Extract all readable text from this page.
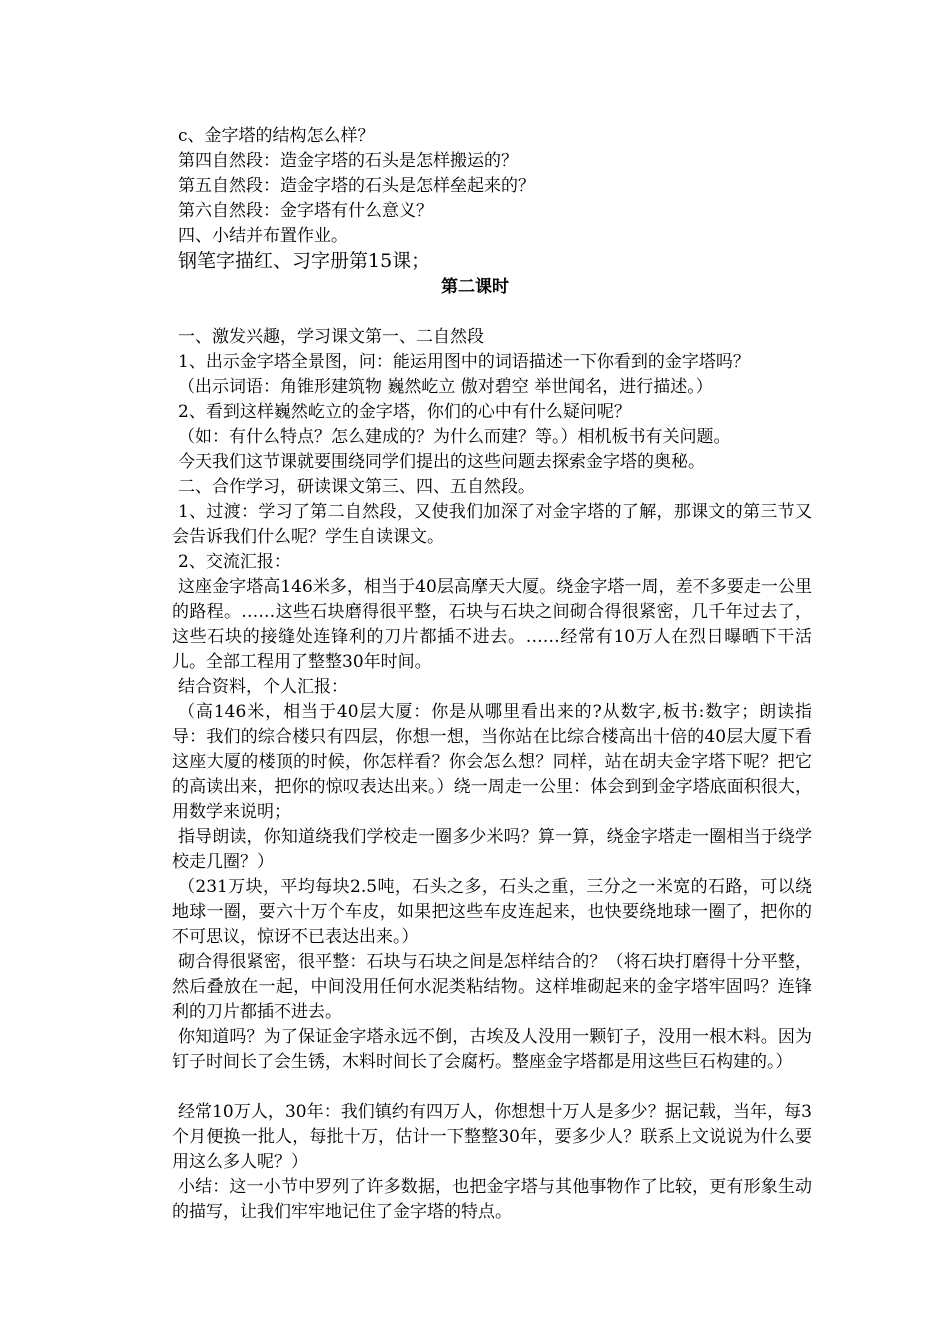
c、金字塔的结构怎么样？
第四自然段：造金字塔的石头是怎样搬运的？
第五自然段：造金字塔的石头是怎样垒起来的？
第六自然段：金字塔有什么意义？
四、小结并布置作业。
钢笔字描红、习字册第15课；
第二课时
一、激发兴趣，学习课文第一、二自然段
1、出示金字塔全景图，问：能运用图中的词语描述一下你看到的金字塔吗？
（出示词语：角锥形建筑物 巍然屹立 傲对碧空 举世闻名，进行描述。）
2、看到这样巍然屹立的金字塔，你们的心中有什么疑问呢？
（如：有什么特点？怎么建成的？为什么而建？等。）相机板书有关问题。
今天我们这节课就要围绕同学们提出的这些问题去探索金字塔的奥秘。
二、合作学习，研读课文第三、四、五自然段。
1、过渡：学习了第二自然段，又使我们加深了对金字塔的了解，那课文的第三节又会告诉我们什么呢？学生自读课文。
2、交流汇报：
这座金字塔高146米多，相当于40层高摩天大厦。绕金字塔一周，差不多要走一公里的路程。……这些石块磨得很平整，石块与石块之间砌合得很紧密，几千年过去了，这些石块的接缝处连锋利的刀片都插不进去。……经常有10万人在烈日曝晒下干活儿。全部工程用了整整30年时间。
结合资料，个人汇报：
（高146米，相当于40层大厦：你是从哪里看出来的?从数字,板书:数字；朗读指导：我们的综合楼只有四层，你想一想，当你站在比综合楼高出十倍的40层大厦下看这座大厦的楼顶的时候，你怎样看？你会怎么想？同样，站在胡夫金字塔下呢？把它的高读出来，把你的惊叹表达出来。）绕一周走一公里：体会到到金字塔底面积很大，用数学来说明；
指导朗读，你知道绕我们学校走一圈多少米吗？算一算，绕金字塔走一圈相当于绕学校走几圈？）
（231万块，平均每块2.5吨，石头之多，石头之重，三分之一米宽的石路，可以绕地球一圈，要六十万个车皮，如果把这些车皮连起来，也快要绕地球一圈了，把你的不可思议，惊讶不已表达出来。）
砌合得很紧密，很平整：石块与石块之间是怎样结合的？（将石块打磨得十分平整，然后叠放在一起，中间没用任何水泥类粘结物。这样堆砌起来的金字塔牢固吗？连锋利的刀片都插不进去。
你知道吗？为了保证金字塔永远不倒，古埃及人没用一颗钉子，没用一根木料。因为钉子时间长了会生锈，木料时间长了会腐朽。整座金字塔都是用这些巨石构建的。）
经常10万人，30年：我们镇约有四万人，你想想十万人是多少？据记载，当年，每3个月便换一批人，每批十万，估计一下整整30年，要多少人？联系上文说说为什么要用这么多人呢？）
小结：这一小节中罗列了许多数据，也把金字塔与其他事物作了比较，更有形象生动的描写，让我们牢牢地记住了金字塔的特点。
